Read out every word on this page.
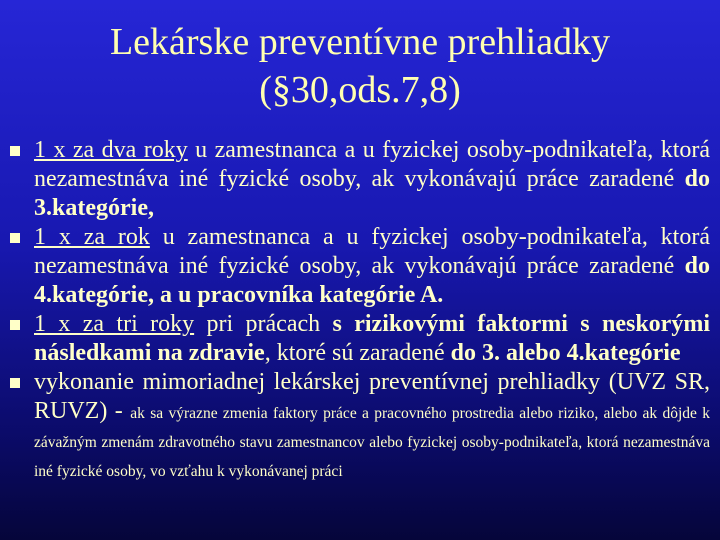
Lekárske preventívne prehliadky
(§30,ods.7,8)
1 x za dva roky u zamestnanca a u fyzickej osoby-podnikateľa, ktorá nezamestnáva iné fyzické osoby, ak vykonávajú práce zaradené do 3.kategórie,
1 x za rok u zamestnanca a u fyzickej osoby-podnikateľa, ktorá nezamestnáva iné fyzické osoby, ak vykonávajú práce zaradené do 4.kategórie, a u pracovníka kategórie A.
1 x za tri roky pri prácach s rizikovými faktormi s neskorými následkami na zdravie, ktoré sú zaradené do 3. alebo 4.kategórie
vykonanie mimoriadnej lekárskej preventívnej prehliadky (UVZ SR, RUVZ) - ak sa výrazne zmenia faktory práce a pracovného prostredia alebo riziko, alebo ak dôjde k závažným zmenám zdravotného stavu zamestnancov alebo fyzickej osoby-podnikateľa, ktorá nezamestnáva iné fyzické osoby, vo vzťahu k vykonávanej práci
